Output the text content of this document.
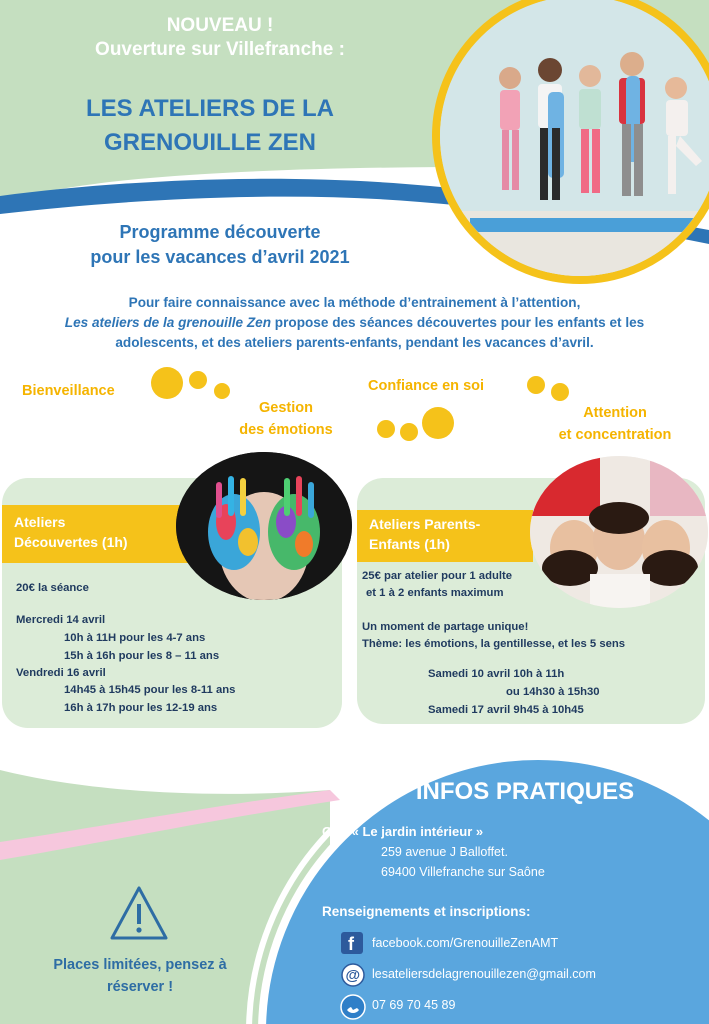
NOUVEAU !
Ouverture sur Villefranche :
LES ATELIERS DE LA
GRENOUILLE ZEN
Programme découverte
pour les vacances d’avril 2021
Pour faire connaissance avec la méthode d’entrainement à l’attention,
Les ateliers de la grenouille Zen propose des séances découvertes pour les enfants et les
adolescents, et des ateliers parents-enfants, pendant les vacances d’avril.
Bienveillance
Gestion
des émotions
Confiance en soi
Attention
et concentration
Ateliers
Découvertes (1h)
20€ la séance
Mercredi 14 avril
10h à 11H pour les 4-7 ans
15h à 16h pour les 8 – 11 ans
Vendredi 16 avril
14h45 à 15h45 pour les 8-11 ans
16h à 17h pour les 12-19 ans
Ateliers Parents-
Enfants (1h)
25€ par atelier pour 1 adulte
et 1 à 2 enfants maximum
Un moment de partage unique!
Thème: les émotions, la gentillesse, et les 5 sens
Samedi 10 avril 10h à 11h
ou 14h30 à 15h30
Samedi 17 avril 9h45 à 10h45
INFOS PRATIQUES
Où? « Le jardin intérieur »
259 avenue J Balloffet.
69400 Villefranche sur Saône
Renseignements et inscriptions:
f facebook.com/GrenouilleZenAMT
@ lesateliersdelagrenouillezen@gmail.com
07 69 70 45 89
Places limitées, pensez à
réserver !
